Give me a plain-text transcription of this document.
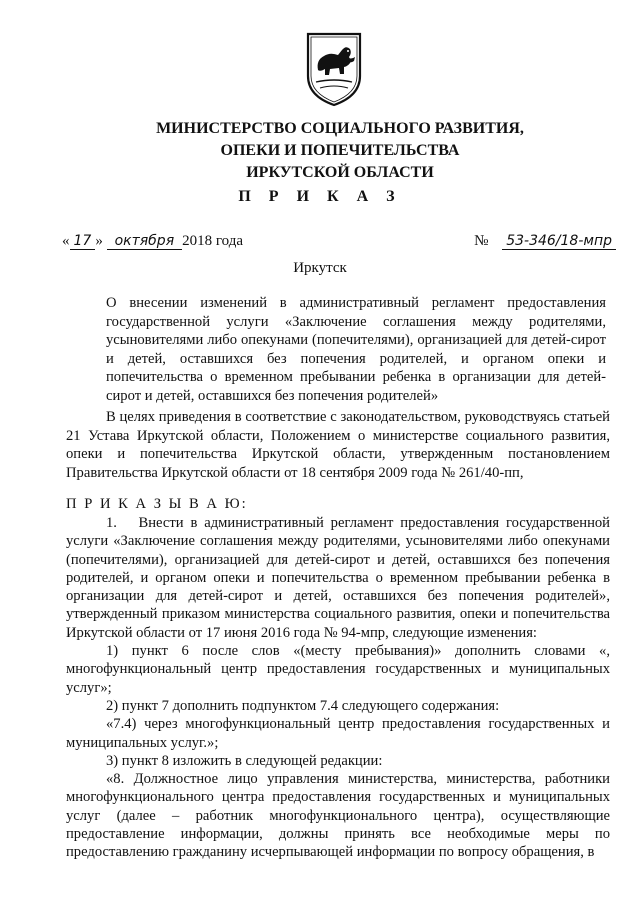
МИНИСТЕРСТВО СОЦИАЛЬНОГО РАЗВИТИЯ,
ОПЕКИ И ПОПЕЧИТЕЛЬСТВА
ИРКУТСКОЙ ОБЛАСТИ
П Р И К А З
« 17 » октября 2018 года	№ 53-346/18-мпр
Иркутск
О внесении изменений в административный регламент предоставления государственной услуги «Заключение соглашения между родителями, усыновителями либо опекунами (попечителями), организацией для детей-сирот и детей, оставшихся без попечения родителей, и органом опеки и попечительства о временном пребывании ребенка в организации для детей-сирот и детей, оставшихся без попечения родителей»
В целях приведения в соответствие с законодательством, руководствуясь статьей 21 Устава Иркутской области, Положением о министерстве социального развития, опеки и попечительства Иркутской области, утвержденным постановлением Правительства Иркутской области от 18 сентября 2009 года № 261/40-пп,
П Р И К А З Ы В А Ю:

1.  Внести в административный регламент предоставления государственной услуги «Заключение соглашения между родителями, усыновителями либо опекунами (попечителями), организацией для детей-сирот и детей, оставшихся без попечения родителей, и органом опеки и попечительства о временном пребывании ребенка в организации для детей-сирот и детей, оставшихся без попечения родителей», утвержденный приказом министерства социального развития, опеки и попечительства Иркутской области от 17 июня 2016 года № 94-мпр, следующие изменения:

1) пункт 6 после слов «(месту пребывания)» дополнить словами «, многофункциональный центр предоставления государственных и муниципальных услуг»;

2) пункт 7 дополнить подпунктом 7.4 следующего содержания:

«7.4) через многофункциональный центр предоставления государственных и муниципальных услуг.»;

3) пункт 8 изложить в следующей редакции:

«8. Должностное лицо управления министерства, министерства, работники многофункционального центра предоставления государственных и муниципальных услуг (далее – работник многофункционального центра), осуществляющие предоставление информации, должны принять все необходимые меры по предоставлению гражданину исчерпывающей информации по вопросу обращения, в
